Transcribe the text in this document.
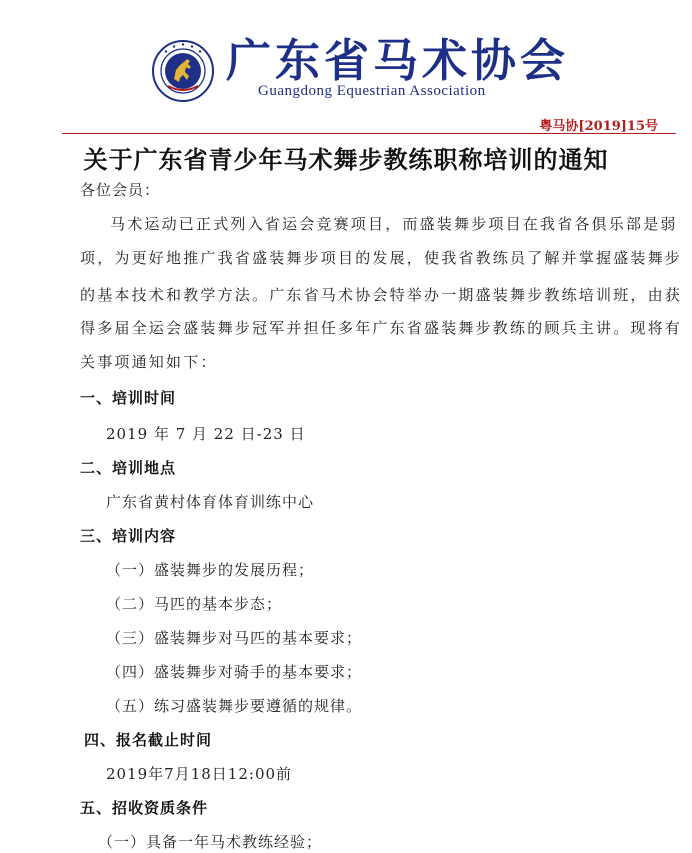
广东省马术协会
Guangdong Equestrian Association
粤马协[2019]15号
关于广东省青少年马术舞步教练职称培训的通知
各位会员：
马术运动已正式列入省运会竞赛项目，而盛装舞步项目在我省各俱乐部是弱
项，为更好地推广我省盛装舞步项目的发展，使我省教练员了解并掌握盛装舞步
的基本技术和教学方法。广东省马术协会特举办一期盛装舞步教练培训班，由获
得多届全运会盛装舞步冠军并担任多年广东省盛装舞步教练的顾兵主讲。现将有
关事项通知如下：
一、培训时间
2019 年 7 月 22 日-23 日
二、培训地点
广东省黄村体育体育训练中心
三、培训内容
（一）盛装舞步的发展历程；
（二）马匹的基本步态；
（三）盛装舞步对马匹的基本要求；
（四）盛装舞步对骑手的基本要求；
（五）练习盛装舞步要遵循的规律。
四、报名截止时间
2019年7月18日12:00前
五、招收资质条件
（一）具备一年马术教练经验；
